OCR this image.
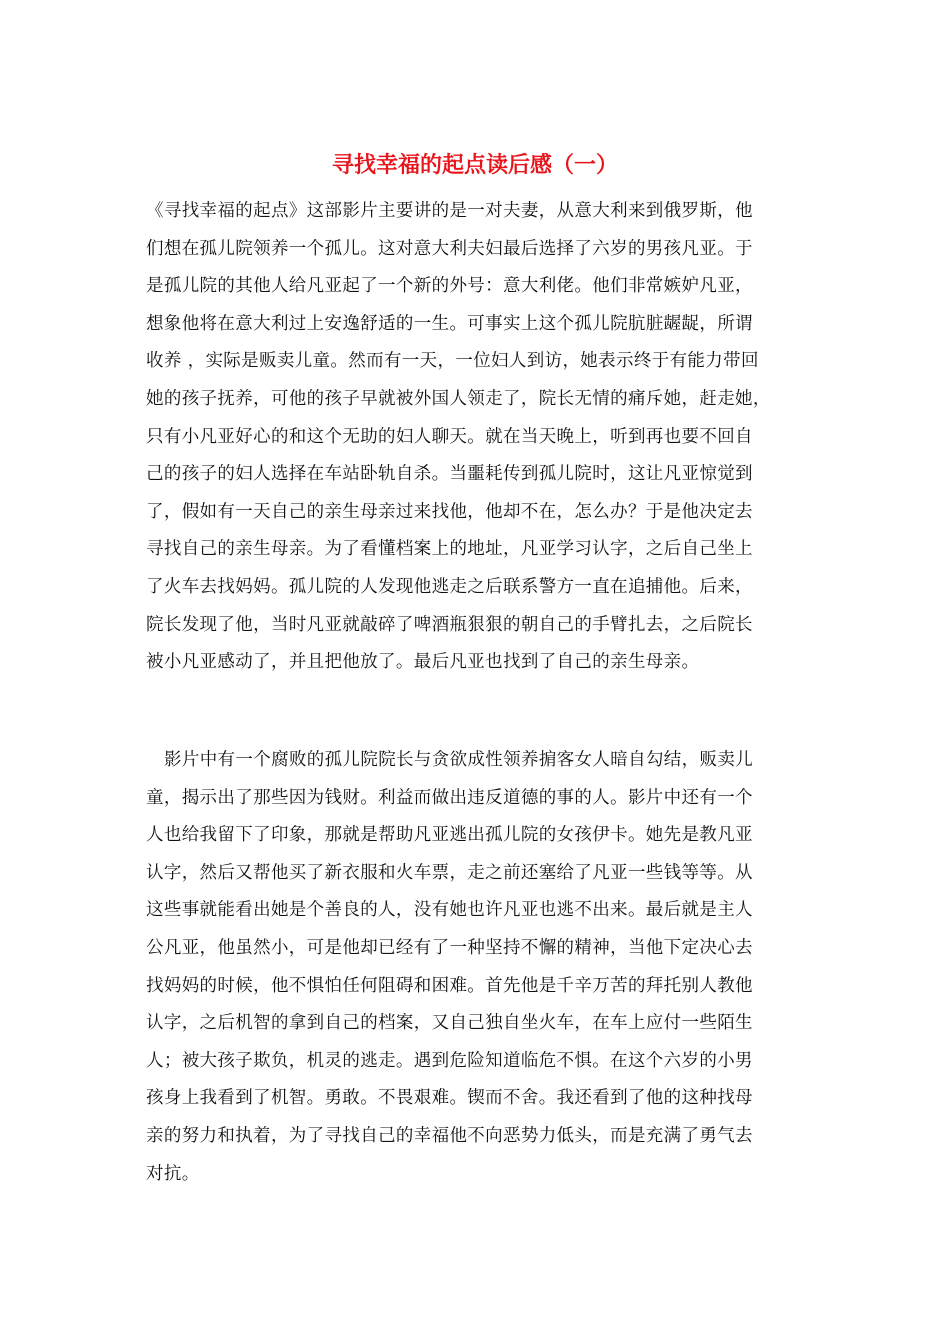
寻找幸福的起点读后感（一）
《寻找幸福的起点》这部影片主要讲的是一对夫妻，从意大利来到俄罗斯，他
们想在孤儿院领养一个孤儿。这对意大利夫妇最后选择了六岁的男孩凡亚。于
是孤儿院的其他人给凡亚起了一个新的外号：意大利佬。他们非常嫉妒凡亚，
想象他将在意大利过上安逸舒适的一生。可事实上这个孤儿院肮脏龌龊，所谓
收养 ，实际是贩卖儿童。然而有一天，一位妇人到访，她表示终于有能力带回
她的孩子抚养，可他的孩子早就被外国人领走了，院长无情的痛斥她，赶走她，
只有小凡亚好心的和这个无助的妇人聊天。就在当天晚上，听到再也要不回自
己的孩子的妇人选择在车站卧轨自杀。当噩耗传到孤儿院时，这让凡亚惊觉到
了，假如有一天自己的亲生母亲过来找他，他却不在，怎么办？于是他决定去
寻找自己的亲生母亲。为了看懂档案上的地址，凡亚学习认字，之后自己坐上
了火车去找妈妈。孤儿院的人发现他逃走之后联系警方一直在追捕他。后来，
院长发现了他，当时凡亚就敲碎了啤酒瓶狠狠的朝自己的手臂扎去，之后院长
被小凡亚感动了，并且把他放了。最后凡亚也找到了自己的亲生母亲。
影片中有一个腐败的孤儿院院长与贪欲成性领养掮客女人暗自勾结，贩卖儿
童，揭示出了那些因为钱财。利益而做出违反道德的事的人。影片中还有一个
人也给我留下了印象，那就是帮助凡亚逃出孤儿院的女孩伊卡。她先是教凡亚
认字，然后又帮他买了新衣服和火车票，走之前还塞给了凡亚一些钱等等。从
这些事就能看出她是个善良的人，没有她也许凡亚也逃不出来。最后就是主人
公凡亚，他虽然小，可是他却已经有了一种坚持不懈的精神，当他下定决心去
找妈妈的时候，他不惧怕任何阻碍和困难。首先他是千辛万苦的拜托别人教他
认字，之后机智的拿到自己的档案，又自己独自坐火车，在车上应付一些陌生
人；被大孩子欺负，机灵的逃走。遇到危险知道临危不惧。在这个六岁的小男
孩身上我看到了机智。勇敢。不畏艰难。锲而不舍。我还看到了他的这种找母
亲的努力和执着，为了寻找自己的幸福他不向恶势力低头，而是充满了勇气去
对抗。
